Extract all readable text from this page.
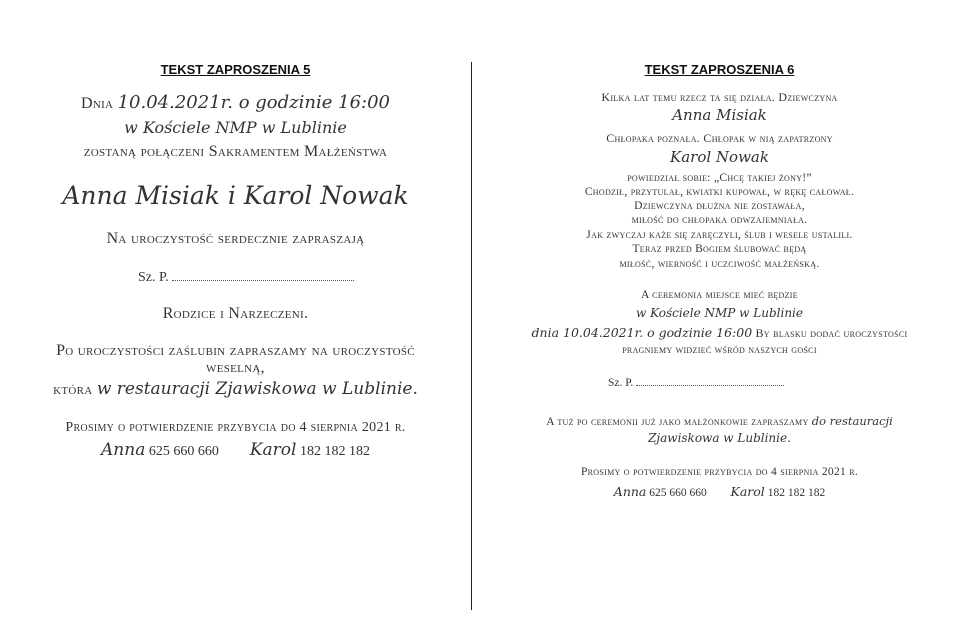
TEKST ZAPROSZENIA 5
Dnia 10.04.2021r. o godzinie 16:00
w Kościele NMP w Lublinie
zostaną połączeni Sakramentem Małżeństwa
Anna Misiak i Karol Nowak
Na uroczystość serdecznie zapraszają
Sz. P.
Rodzice i Narzeczeni.
Po uroczystości zaślubin zapraszamy na uroczystość
weselną,
która w restauracji Zjawiskowa w Lublinie.
Prosimy o potwierdzenie przybycia do 4 sierpnia 2021 r.
Anna 625 660 660 Karol 182 182 182
TEKST ZAPROSZENIA 6
Kilka lat temu rzecz ta się działa. Dziewczyna
Anna Misiak
Chłopaka poznała. Chłopak w nią zapatrzony
Karol Nowak
powiedział sobie: „Chcę takiej żony!”
Chodził, przytulał, kwiatki kupował, w rękę całował.
Dziewczyna dłużna nie zostawała,
miłość do chłopaka odwzajemniała.
Jak zwyczaj każe się zaręczyli, ślub i wesele ustalili.
Teraz przed Bogiem ślubować będą
miłość, wierność i uczciwość małżeńską.
A ceremonia miejsce mieć będzie
w Kościele NMP w Lublinie
dnia 10.04.2021r. o godzinie 16:00 By blasku dodać uroczystości
pragniemy widzieć wśród naszych gości
Sz. P.
A tuż po ceremonii już jako małżonkowie zapraszamy do restauracji
Zjawiskowa w Lublinie.
Prosimy o potwierdzenie przybycia do 4 sierpnia 2021 r.
Anna 625 660 660 Karol 182 182 182
